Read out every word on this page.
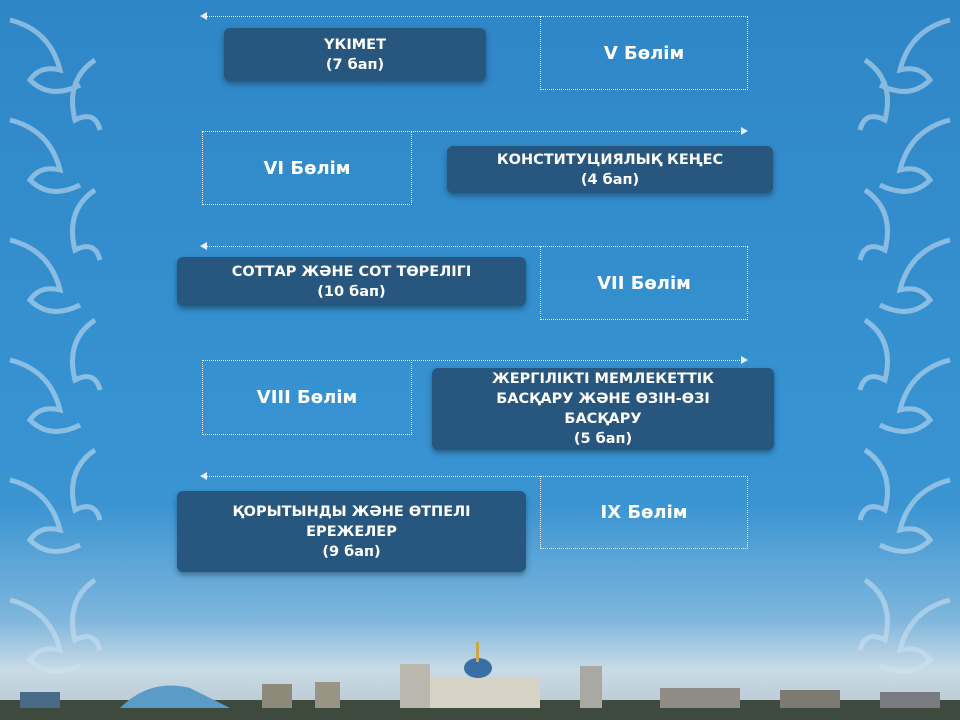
V Бөлім
ҮКІМЕТ
(7 бап)
VI Бөлім	КОНСТИТУЦИЯЛЫҚ КЕҢЕС
(4 бап)
VII Бөлім
СОТТАР ЖӘНЕ СОТ ТӨРЕЛІГІ
(10 бап)
VIII Бөлім
ЖЕРГІЛІКТІ МЕМЛЕКЕТТІК
БАСҚАРУ ЖӘНЕ ӨЗІН-ӨЗІ
БАСҚАРУ
(5 бап)
IX Бөлім
ҚОРЫТЫНДЫ ЖӘНЕ ӨТПЕЛІ
ЕРЕЖЕЛЕР
(9 бап)
